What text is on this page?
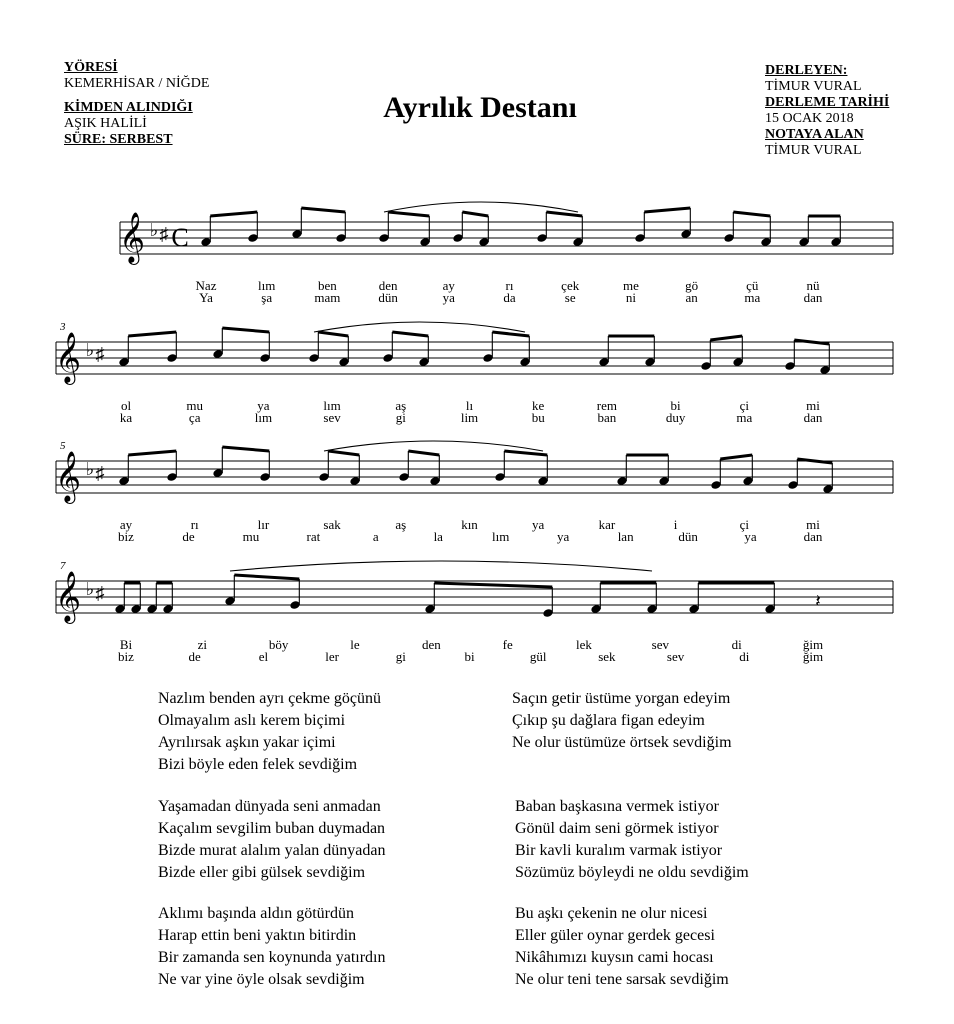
YÖRESİ
KEMERHİSAR / NİĞDE
KİMDEN ALINDIĞI
AŞIK HALİLİ
SÜRE: SERBEST
Ayrılık Destanı
DERLEYEN:
TİMUR VURAL
DERLEME TARİHİ
15 OCAK 2018
NOTAYA ALAN
TİMUR VURAL
𝄞 ♭ ♯ C
Naz	lım	ben	den	ay	rı	çek	me	gö	çü	nü
Ya	şa	mam	dün	ya	da	se	ni	an	ma	dan
𝄞 ♭ ♯
3
ol	mu	ya	lım	aş	lı	ke	rem	bi	çi	mi
ka	ça	lım	sev	gi	lim	bu	ban	duy	ma	dan
𝄞 ♭ ♯
5
ay	rı	lır	sak	aş	kın	ya	kar	i	çi	mi
biz	de	mu	rat	a	la	lım	ya	lan	dün	ya	dan
𝄞 ♭ ♯
7
𝄽
Bi	zi	böy	le	den	fe	lek	sev	di	ğim
biz	de	el	ler	gi	bi	gül	sek	sev	di	ğim
Nazlım benden ayrı çekme göçünü
Olmayalım aslı kerem biçimi
Ayrılırsak aşkın yakar içimi
Bizi böyle eden felek sevdiğim
Saçın getir üstüme yorgan edeyim
Çıkıp şu dağlara figan edeyim
Ne olur üstümüze örtsek sevdiğim
Yaşamadan dünyada seni anmadan
Kaçalım sevgilim buban duymadan
Bizde murat alalım yalan dünyadan
Bizde eller gibi gülsek sevdiğim
Baban başkasına vermek istiyor
Gönül daim seni görmek istiyor
Bir kavli kuralım varmak istiyor
Sözümüz böyleydi ne oldu sevdiğim
Aklımı başında aldın götürdün
Harap ettin beni yaktın bitirdin
Bir zamanda sen koynunda yatırdın
Ne var yine öyle olsak sevdiğim
Bu aşkı çekenin ne olur nicesi
Eller güler oynar gerdek gecesi
Nikâhımızı kuysın cami hocası
Ne olur teni tene sarsak sevdiğim
